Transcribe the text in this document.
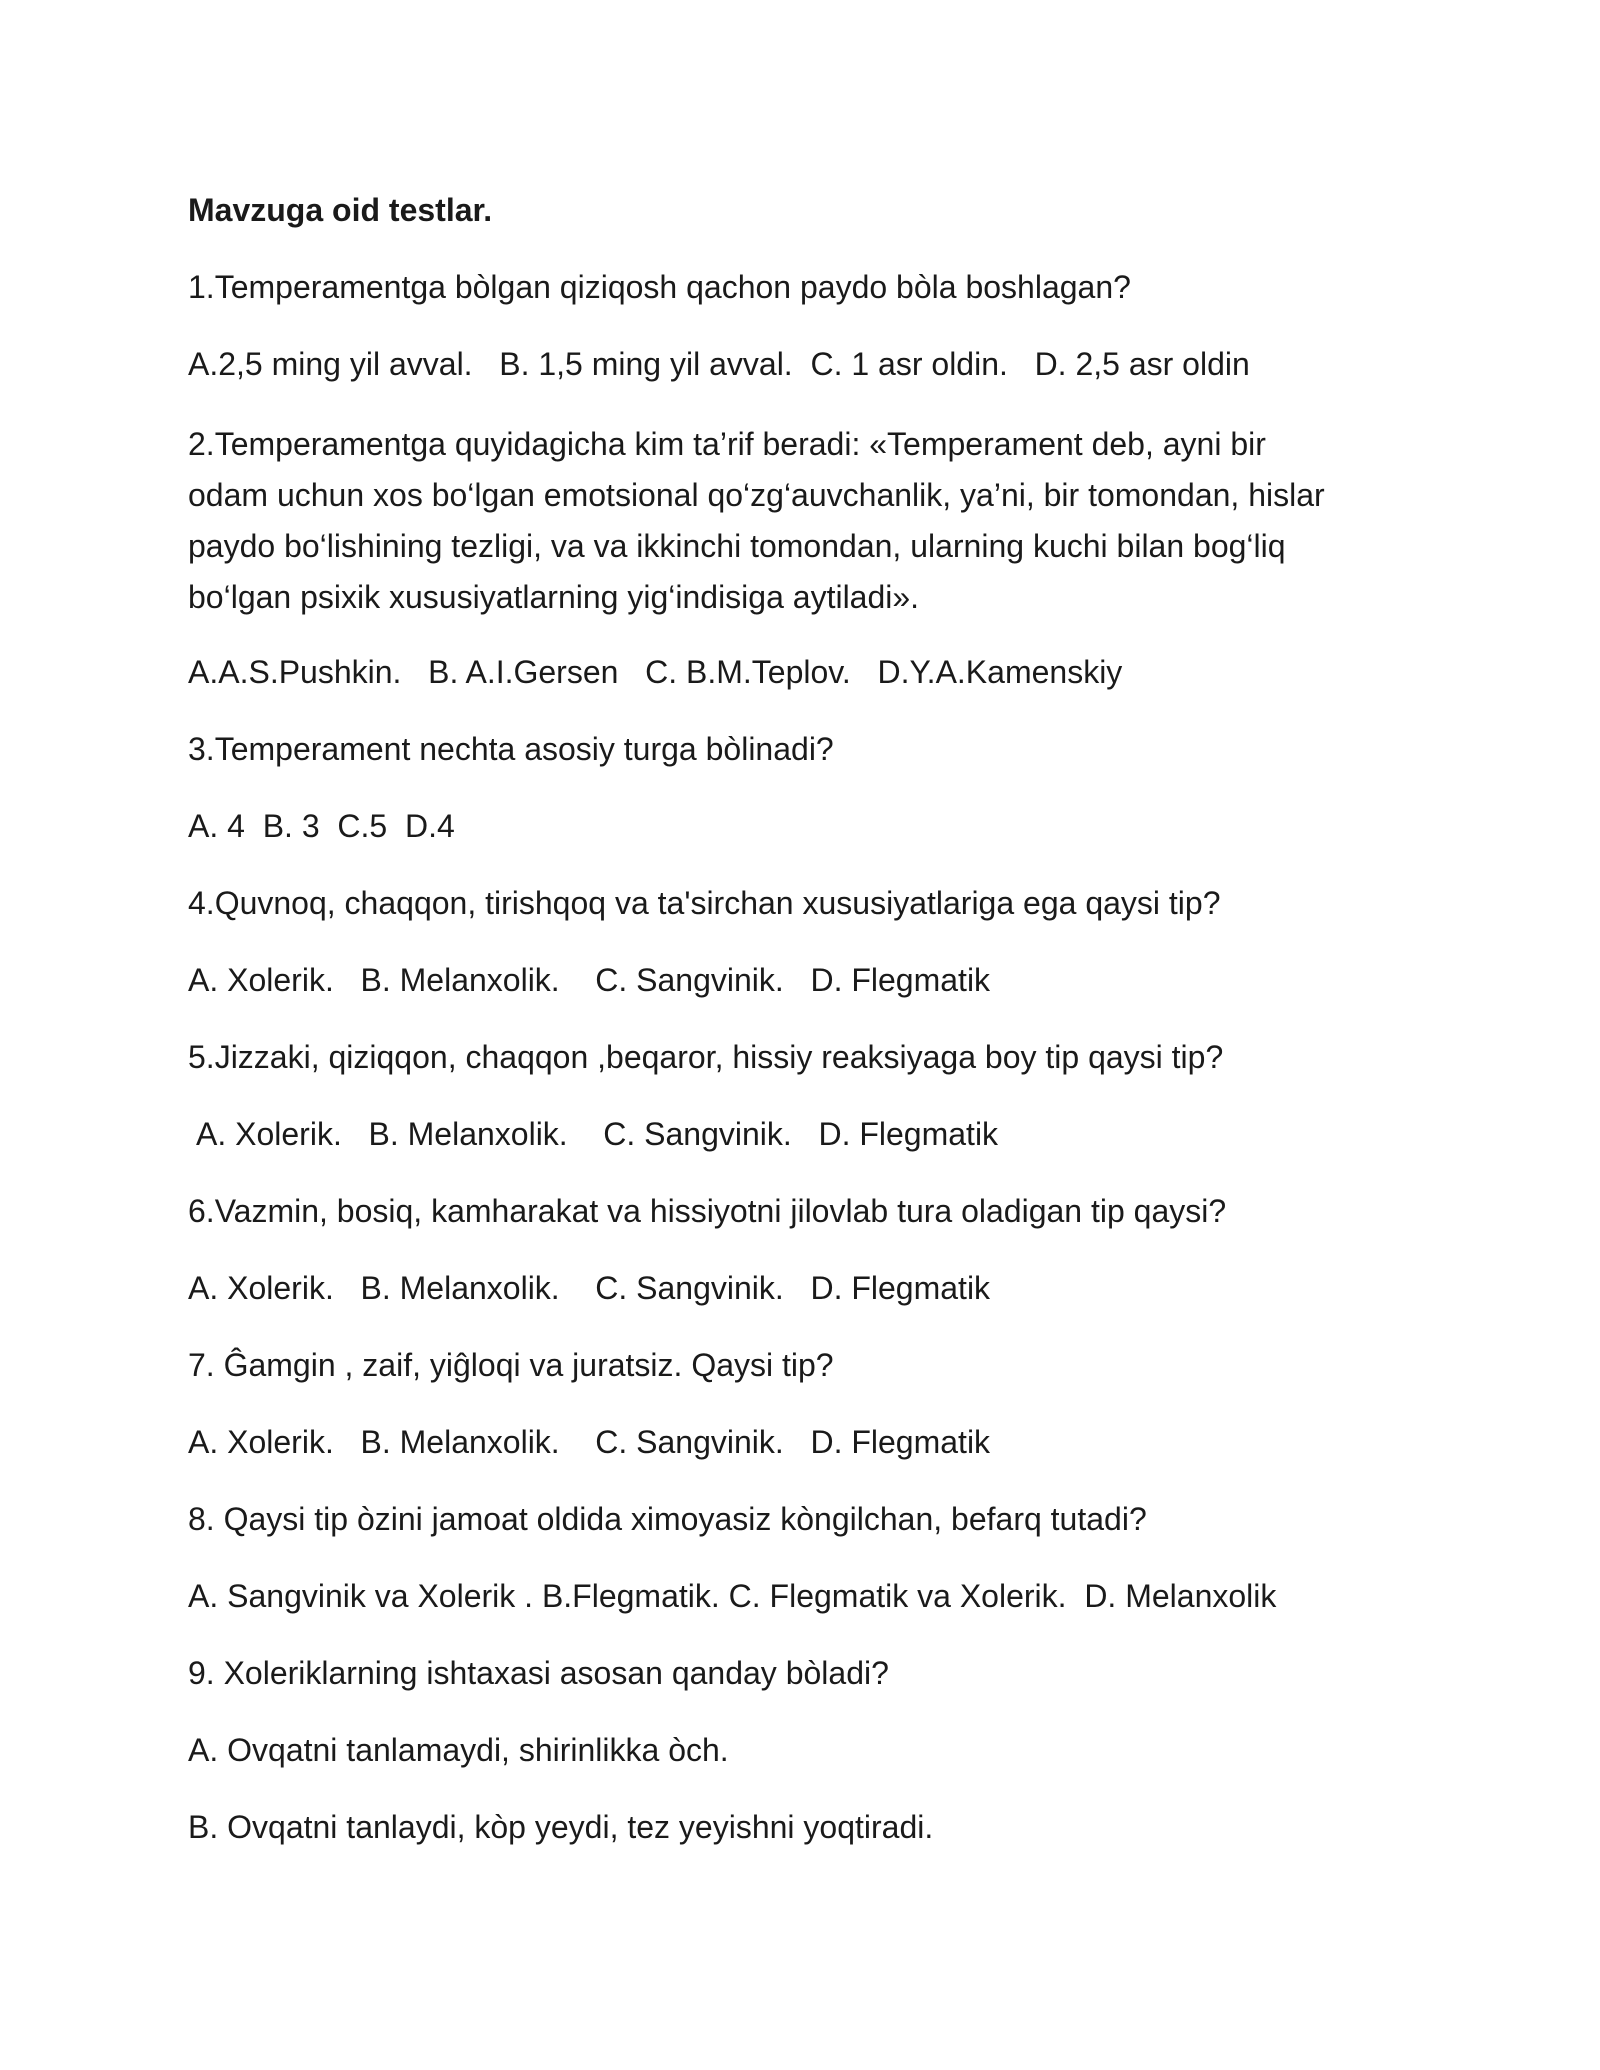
Mavzuga oid testlar.
1.Temperamentga bòlgan qiziqosh qachon paydo bòla boshlagan?
A.2,5 ming yil avval.   B. 1,5 ming yil avval.  C. 1 asr oldin.   D. 2,5 asr oldin
2.Temperamentga quyidagicha kim ta’rif beradi: «Temperament deb, ayni bir
odam uchun xos bo‘lgan emotsional qo‘zg‘auvchanlik, ya’ni, bir tomondan, hislar
paydo bo‘lishining tezligi, va va ikkinchi tomondan, ularning kuchi bilan bog‘liq
bo‘lgan psixik xususiyatlarning yig‘indisiga aytiladi».
A.A.S.Pushkin.   B. A.I.Gersen   C. B.M.Teplov.   D.Y.A.Kamenskiy
3.Temperament nechta asosiy turga bòlinadi?
A. 4  B. 3  C.5  D.4
4.Quvnoq, chaqqon, tirishqoq va ta'sirchan xususiyatlariga ega qaysi tip?
A. Xolerik.   B. Melanxolik.    C. Sangvinik.   D. Flegmatik
5.Jizzaki, qiziqqon, chaqqon ,beqaror, hissiy reaksiyaga boy tip qaysi tip?
A. Xolerik.   B. Melanxolik.    C. Sangvinik.   D. Flegmatik
6.Vazmin, bosiq, kamharakat va hissiyotni jilovlab tura oladigan tip qaysi?
A. Xolerik.   B. Melanxolik.    C. Sangvinik.   D. Flegmatik
7. Ĝamgin , zaif, yiĝloqi va juratsiz. Qaysi tip?
A. Xolerik.   B. Melanxolik.    C. Sangvinik.   D. Flegmatik
8. Qaysi tip òzini jamoat oldida ximoyasiz kòngilchan, befarq tutadi?
A. Sangvinik va Xolerik . B.Flegmatik. C. Flegmatik va Xolerik.  D. Melanxolik
9. Xoleriklarning ishtaxasi asosan qanday bòladi?
A. Ovqatni tanlamaydi, shirinlikka òch.
B. Ovqatni tanlaydi, kòp yeydi, tez yeyishni yoqtiradi.
